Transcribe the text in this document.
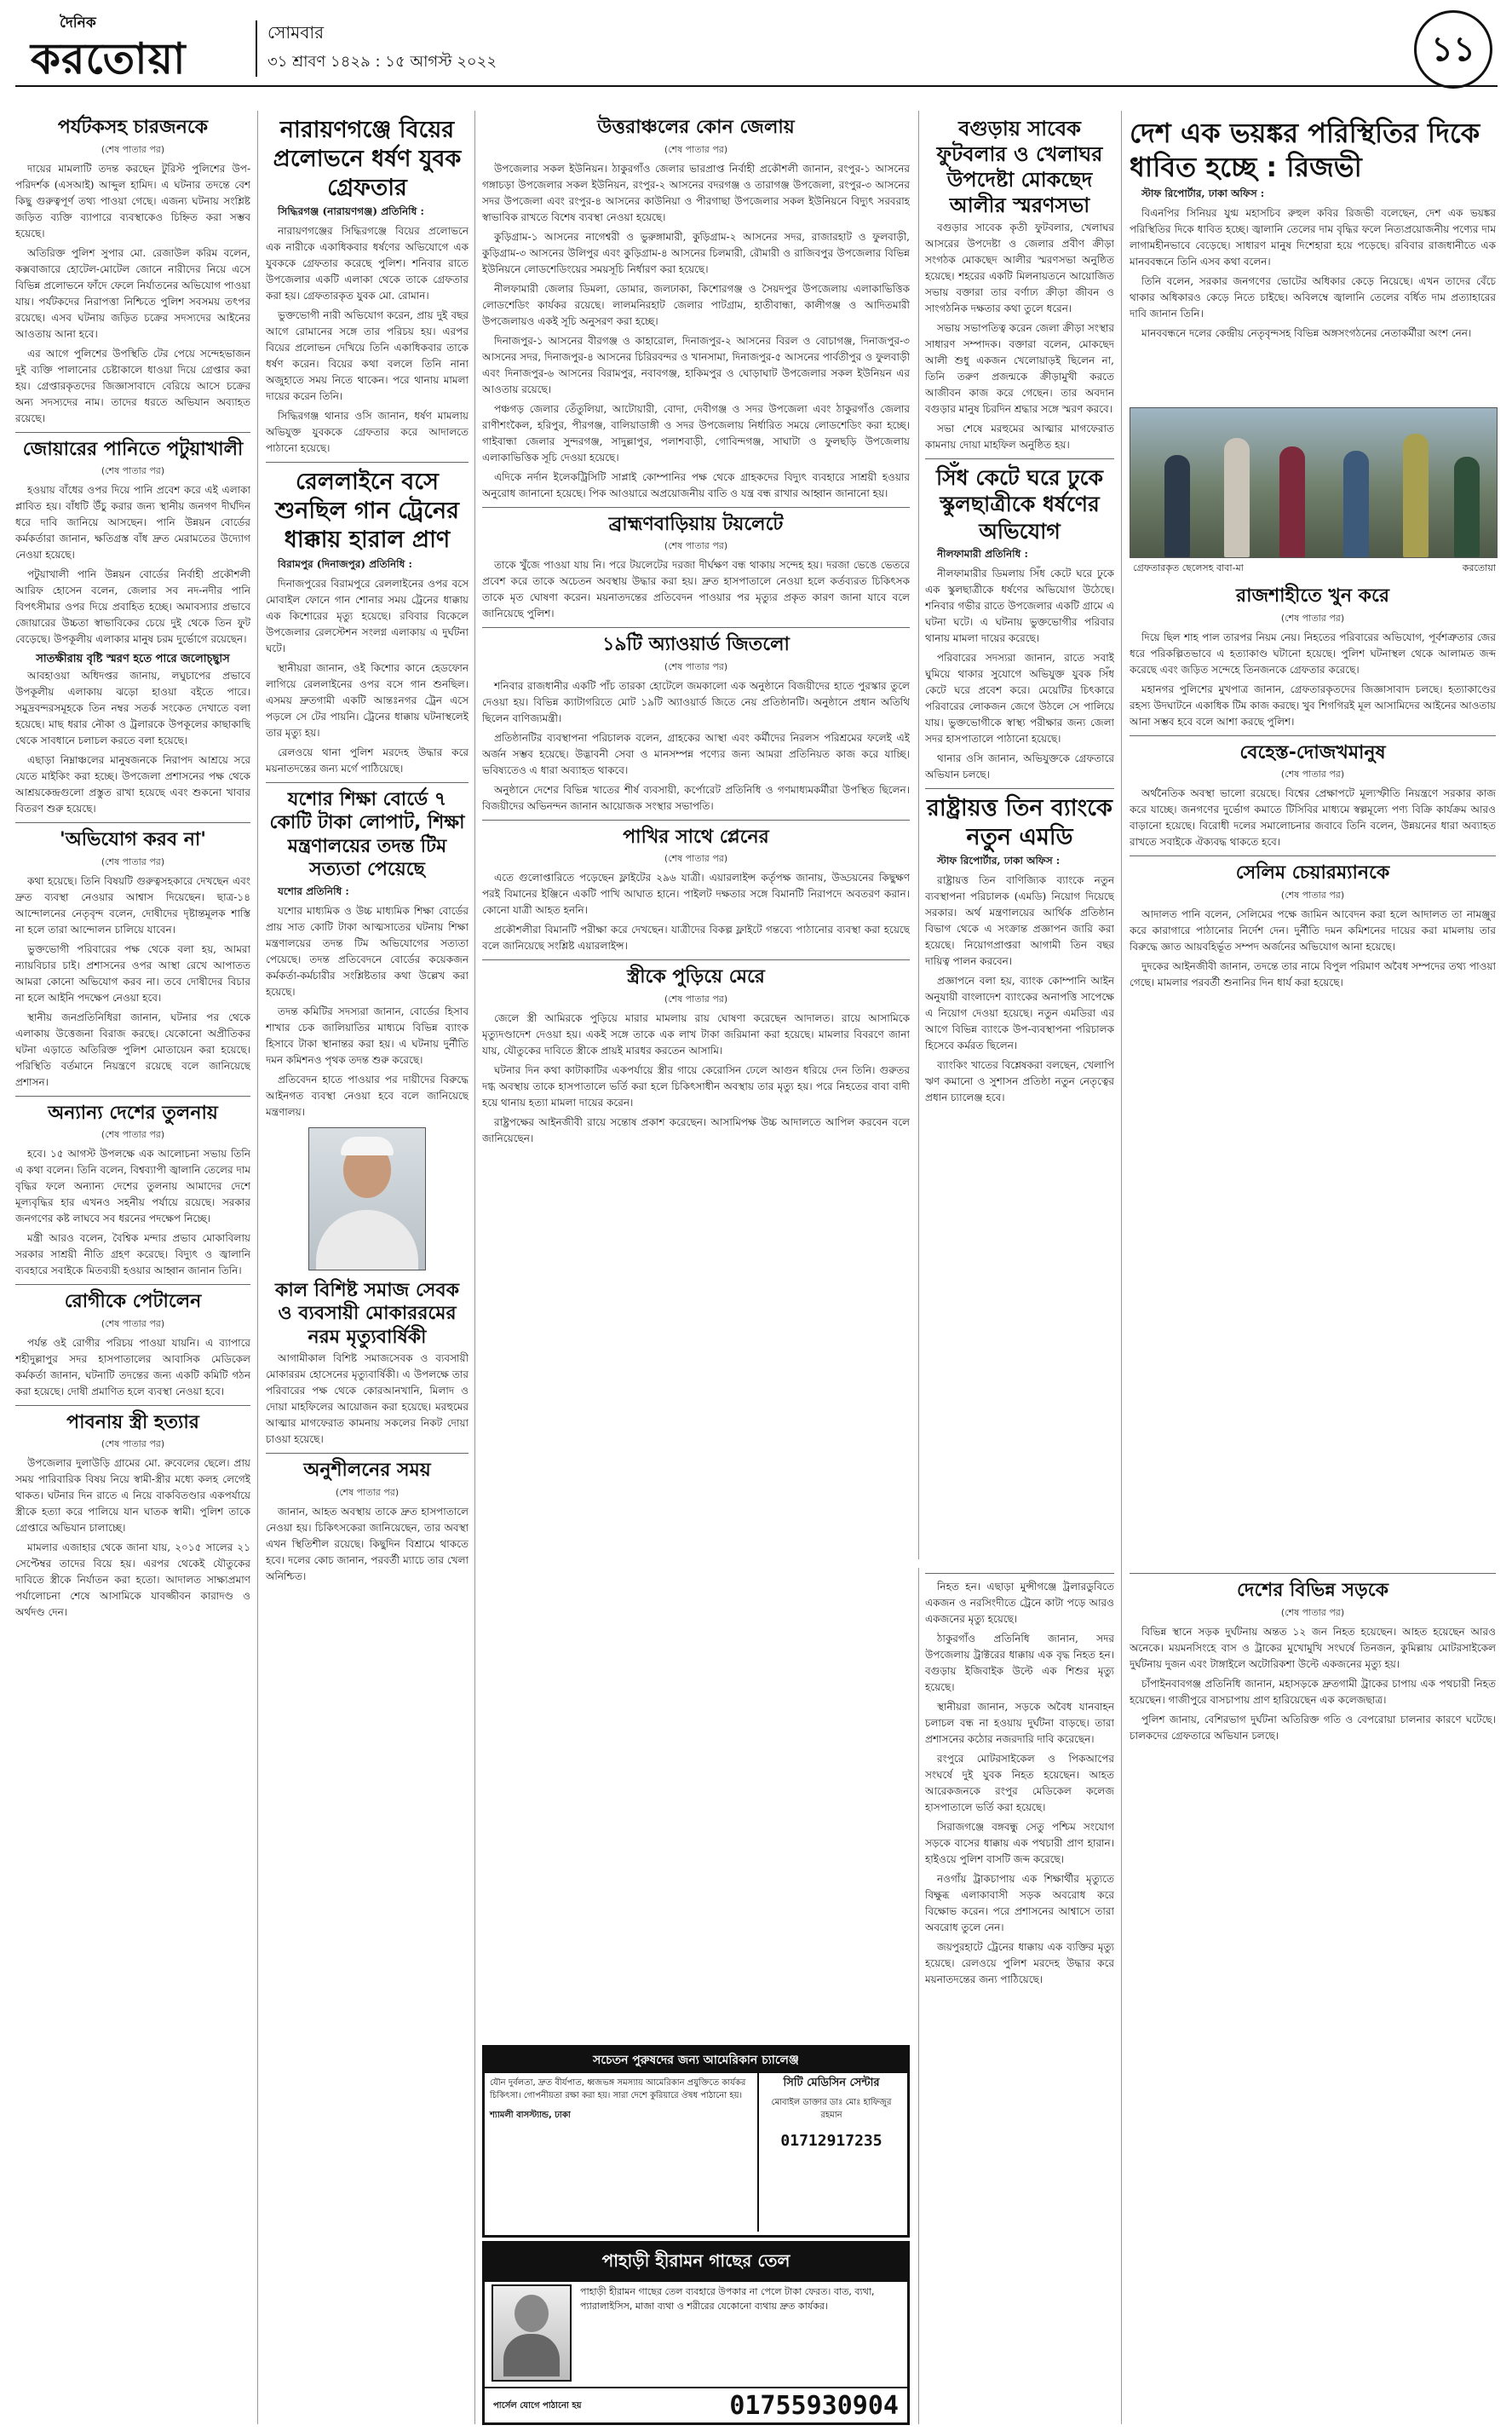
দৈনিক
করতোয়া
সোমবার
৩১ শ্রাবণ ১৪২৯ : ১৫ আগস্ট ২০২২	১১
পর্যটকসহ চারজনকে
(শেষ পাতার পর)

দায়ের মামলাটি তদন্ত করছেন টুরিস্ট পুলিশের উপ-পরিদর্শক (এসআই) আব্দুল হামিদ। এ ঘটনার তদন্তে বেশ কিছু গুরুত্বপূর্ণ তথ্য পাওয়া গেছে। এজন্য ঘটনায় সংশ্লিষ্ট জড়িত ব্যক্তি ব্যাপারে ব্যবস্থাকেও চিহ্নিত করা সম্ভব হয়েছে।

অতিরিক্ত পুলিশ সুপার মো. রেজাউল করিম বলেন, কক্সবাজারে হোটেল-মোটেল জোনে নারীদের নিয়ে এসে বিভিন্ন প্রলোভনে ফাঁদে ফেলে নির্যাতনের অভিযোগ পাওয়া যায়। পর্যটকদের নিরাপত্তা নিশ্চিতে পুলিশ সবসময় তৎপর রয়েছে। এসব ঘটনায় জড়িত চক্রের সদস্যদের আইনের আওতায় আনা হবে।

এর আগে পুলিশের উপস্থিতি টের পেয়ে সন্দেহভাজন দুই ব্যক্তি পালানোর চেষ্টাকালে ধাওয়া দিয়ে গ্রেপ্তার করা হয়। গ্রেপ্তারকৃতদের জিজ্ঞাসাবাদে বেরিয়ে আসে চক্রের অন্য সদস্যদের নাম। তাদের ধরতে অভিযান অব্যাহত রয়েছে।

জোয়ারের পানিতে পটুয়াখালী
(শেষ পাতার পর)

হওয়ায় বাঁধের ওপর দিয়ে পানি প্রবেশ করে এই এলাকা প্লাবিত হয়। বাঁধটি উঁচু করার জন্য স্থানীয় জনগণ দীর্ঘদিন ধরে দাবি জানিয়ে আসছেন। পানি উন্নয়ন বোর্ডের কর্মকর্তারা জানান, ক্ষতিগ্রস্ত বাঁধ দ্রুত মেরামতের উদ্যোগ নেওয়া হয়েছে।

পটুয়াখালী পানি উন্নয়ন বোর্ডের নির্বাহী প্রকৌশলী আরিফ হোসেন বলেন, জেলার সব নদ-নদীর পানি বিপৎসীমার ওপর দিয়ে প্রবাহিত হচ্ছে। অমাবস্যার প্রভাবে জোয়ারের উচ্চতা স্বাভাবিকের চেয়ে দুই থেকে তিন ফুট বেড়েছে। উপকূলীয় এলাকার মানুষ চরম দুর্ভোগে রয়েছেন।

সাতক্ষীরায় বৃষ্টি স্মরণ হতে পারে জলোচ্ছ্বাস

আবহাওয়া অধিদপ্তর জানায়, লঘুচাপের প্রভাবে উপকূলীয় এলাকায় ঝড়ো হাওয়া বইতে পারে। সমুদ্রবন্দরসমূহকে তিন নম্বর সতর্ক সংকেত দেখাতে বলা হয়েছে। মাছ ধরার নৌকা ও ট্রলারকে উপকূলের কাছাকাছি থেকে সাবধানে চলাচল করতে বলা হয়েছে।

এছাড়া নিম্নাঞ্চলের মানুষজনকে নিরাপদ আশ্রয়ে সরে যেতে মাইকিং করা হচ্ছে। উপজেলা প্রশাসনের পক্ষ থেকে আশ্রয়কেন্দ্রগুলো প্রস্তুত রাখা হয়েছে এবং শুকনো খাবার বিতরণ শুরু হয়েছে।

'অভিযোগ করব না'
(শেষ পাতার পর)

কথা হয়েছে। তিনি বিষয়টি গুরুত্বসহকারে দেখছেন এবং দ্রুত ব্যবস্থা নেওয়ার আশ্বাস দিয়েছেন। ছাত্র-১৪ আন্দোলনের নেতৃবৃন্দ বলেন, দোষীদের দৃষ্টান্তমূলক শাস্তি না হলে তারা আন্দোলন চালিয়ে যাবেন।

ভুক্তভোগী পরিবারের পক্ষ থেকে বলা হয়, আমরা ন্যায়বিচার চাই। প্রশাসনের ওপর আস্থা রেখে আপাতত আমরা কোনো অভিযোগ করব না। তবে দোষীদের বিচার না হলে আইনি পদক্ষেপ নেওয়া হবে।

স্থানীয় জনপ্রতিনিধিরা জানান, ঘটনার পর থেকে এলাকায় উত্তেজনা বিরাজ করছে। যেকোনো অপ্রীতিকর ঘটনা এড়াতে অতিরিক্ত পুলিশ মোতায়েন করা হয়েছে। পরিস্থিতি বর্তমানে নিয়ন্ত্রণে রয়েছে বলে জানিয়েছে প্রশাসন।

অন্যান্য দেশের তুলনায়
(শেষ পাতার পর)

হবে। ১৫ আগস্ট উপলক্ষে এক আলোচনা সভায় তিনি এ কথা বলেন। তিনি বলেন, বিশ্বব্যাপী জ্বালানি তেলের দাম বৃদ্ধির ফলে অন্যান্য দেশের তুলনায় আমাদের দেশে মূল্যবৃদ্ধির হার এখনও সহনীয় পর্যায়ে রয়েছে। সরকার জনগণের কষ্ট লাঘবে সব ধরনের পদক্ষেপ নিচ্ছে।

মন্ত্রী আরও বলেন, বৈশ্বিক মন্দার প্রভাব মোকাবিলায় সরকার সাশ্রয়ী নীতি গ্রহণ করেছে। বিদ্যুৎ ও জ্বালানি ব্যবহারে সবাইকে মিতব্যয়ী হওয়ার আহ্বান জানান তিনি।

রোগীকে পেটালেন
(শেষ পাতার পর)

পর্যন্ত ওই রোগীর পরিচয় পাওয়া যায়নি। এ ব্যাপারে শহীদুল্লাপুর সদর হাসপাতালের আবাসিক মেডিকেল কর্মকর্তা জানান, ঘটনাটি তদন্তের জন্য একটি কমিটি গঠন করা হয়েছে। দোষী প্রমাণিত হলে ব্যবস্থা নেওয়া হবে।

পাবনায় স্ত্রী হত্যার
(শেষ পাতার পর)

উপজেলার দুলাউড়ি গ্রামের মো. রুবেলের ছেলে। প্রায় সময় পারিবারিক বিষয় নিয়ে স্বামী-স্ত্রীর মধ্যে কলহ লেগেই থাকত। ঘটনার দিন রাতে এ নিয়ে বাকবিতণ্ডার একপর্যায়ে স্ত্রীকে হত্যা করে পালিয়ে যান ঘাতক স্বামী। পুলিশ তাকে গ্রেপ্তারে অভিযান চালাচ্ছে।

মামলার এজাহার থেকে জানা যায়, ২০১৫ সালের ২১ সেপ্টেম্বর তাদের বিয়ে হয়। এরপর থেকেই যৌতুকের দাবিতে স্ত্রীকে নির্যাতন করা হতো। আদালত সাক্ষ্যপ্রমাণ পর্যালোচনা শেষে আসামিকে যাবজ্জীবন কারাদণ্ড ও অর্থদণ্ড দেন।

নারায়ণগঞ্জে বিয়ের প্রলোভনে ধর্ষণ যুবক গ্রেফতার

সিদ্ধিরগঞ্জ (নারায়ণগঞ্জ) প্রতিনিধি :

নারায়ণগঞ্জের সিদ্ধিরগঞ্জে বিয়ের প্রলোভনে এক নারীকে একাধিকবার ধর্ষণের অভিযোগে এক যুবককে গ্রেফতার করেছে পুলিশ। শনিবার রাতে উপজেলার একটি এলাকা থেকে তাকে গ্রেফতার করা হয়। গ্রেফতারকৃত যুবক মো. রোমান।

ভুক্তভোগী নারী অভিযোগ করেন, প্রায় দুই বছর আগে রোমানের সঙ্গে তার পরিচয় হয়। এরপর বিয়ের প্রলোভন দেখিয়ে তিনি একাধিকবার তাকে ধর্ষণ করেন। বিয়ের কথা বললে তিনি নানা অজুহাতে সময় নিতে থাকেন। পরে থানায় মামলা দায়ের করেন তিনি।

সিদ্ধিরগঞ্জ থানার ওসি জানান, ধর্ষণ মামলায় অভিযুক্ত যুবককে গ্রেফতার করে আদালতে পাঠানো হয়েছে।

রেললাইনে বসে শুনছিল গান ট্রেনের ধাক্কায় হারাল প্রাণ

বিরামপুর (দিনাজপুর) প্রতিনিধি :

দিনাজপুরের বিরামপুরে রেললাইনের ওপর বসে মোবাইল ফোনে গান শোনার সময় ট্রেনের ধাক্কায় এক কিশোরের মৃত্যু হয়েছে। রবিবার বিকেলে উপজেলার রেলস্টেশন সংলগ্ন এলাকায় এ দুর্ঘটনা ঘটে।

স্থানীয়রা জানান, ওই কিশোর কানে হেডফোন লাগিয়ে রেললাইনের ওপর বসে গান শুনছিল। এসময় দ্রুতগামী একটি আন্তঃনগর ট্রেন এসে পড়লে সে টের পায়নি। ট্রেনের ধাক্কায় ঘটনাস্থলেই তার মৃত্যু হয়।

রেলওয়ে থানা পুলিশ মরদেহ উদ্ধার করে ময়নাতদন্তের জন্য মর্গে পাঠিয়েছে।

যশোর শিক্ষা বোর্ডে ৭ কোটি টাকা লোপাট, শিক্ষা মন্ত্রণালয়ের তদন্ত টিম সত্যতা পেয়েছে

যশোর প্রতিনিধি :

যশোর মাধ্যমিক ও উচ্চ মাধ্যমিক শিক্ষা বোর্ডের প্রায় সাত কোটি টাকা আত্মসাতের ঘটনায় শিক্ষা মন্ত্রণালয়ের তদন্ত টিম অভিযোগের সত্যতা পেয়েছে। তদন্ত প্রতিবেদনে বোর্ডের কয়েকজন কর্মকর্তা-কর্মচারীর সংশ্লিষ্টতার কথা উল্লেখ করা হয়েছে।

তদন্ত কমিটির সদস্যরা জানান, বোর্ডের হিসাব শাখার চেক জালিয়াতির মাধ্যমে বিভিন্ন ব্যাংক হিসাবে টাকা স্থানান্তর করা হয়। এ ঘটনায় দুর্নীতি দমন কমিশনও পৃথক তদন্ত শুরু করেছে।

প্রতিবেদন হাতে পাওয়ার পর দায়ীদের বিরুদ্ধে আইনগত ব্যবস্থা নেওয়া হবে বলে জানিয়েছে মন্ত্রণালয়।

কাল বিশিষ্ট সমাজ সেবক ও ব্যবসায়ী মোকাররমের নরম মৃত্যুবার্ষিকী

আগামীকাল বিশিষ্ট সমাজসেবক ও ব্যবসায়ী মোকাররম হোসেনের মৃত্যুবার্ষিকী। এ উপলক্ষে তার পরিবারের পক্ষ থেকে কোরআনখানি, মিলাদ ও দোয়া মাহফিলের আয়োজন করা হয়েছে। মরহুমের আত্মার মাগফেরাত কামনায় সকলের নিকট দোয়া চাওয়া হয়েছে।

অনুশীলনের সময়
(শেষ পাতার পর)

জানান, আহত অবস্থায় তাকে দ্রুত হাসপাতালে নেওয়া হয়। চিকিৎসকেরা জানিয়েছেন, তার অবস্থা এখন স্থিতিশীল রয়েছে। কিছুদিন বিশ্রামে থাকতে হবে। দলের কোচ জানান, পরবর্তী ম্যাচে তার খেলা অনিশ্চিত।

উত্তরাঞ্চলের কোন জেলায়
(শেষ পাতার পর)

উপজেলার সকল ইউনিয়ন। ঠাকুরগাঁও জেলার ভারপ্রাপ্ত নির্বাহী প্রকৌশলী জানান, রংপুর-১ আসনের গঙ্গাচড়া উপজেলার সকল ইউনিয়ন, রংপুর-২ আসনের বদরগঞ্জ ও তারাগঞ্জ উপজেলা, রংপুর-৩ আসনের সদর উপজেলা এবং রংপুর-৪ আসনের কাউনিয়া ও পীরগাছা উপজেলার সকল ইউনিয়নে বিদ্যুৎ সরবরাহ স্বাভাবিক রাখতে বিশেষ ব্যবস্থা নেওয়া হয়েছে।

কুড়িগ্রাম-১ আসনের নাগেশ্বরী ও ভুরুঙ্গামারী, কুড়িগ্রাম-২ আসনের সদর, রাজারহাট ও ফুলবাড়ী, কুড়িগ্রাম-৩ আসনের উলিপুর এবং কুড়িগ্রাম-৪ আসনের চিলমারী, রৌমারী ও রাজিবপুর উপজেলার বিভিন্ন ইউনিয়নে লোডশেডিংয়ের সময়সূচি নির্ধারণ করা হয়েছে।

নীলফামারী জেলার ডিমলা, ডোমার, জলঢাকা, কিশোরগঞ্জ ও সৈয়দপুর উপজেলায় এলাকাভিত্তিক লোডশেডিং কার্যকর রয়েছে। লালমনিরহাট জেলার পাটগ্রাম, হাতীবান্ধা, কালীগঞ্জ ও আদিতমারী উপজেলায়ও একই সূচি অনুসরণ করা হচ্ছে।

দিনাজপুর-১ আসনের বীরগঞ্জ ও কাহারোল, দিনাজপুর-২ আসনের বিরল ও বোচাগঞ্জ, দিনাজপুর-৩ আসনের সদর, দিনাজপুর-৪ আসনের চিরিরবন্দর ও খানসামা, দিনাজপুর-৫ আসনের পার্বতীপুর ও ফুলবাড়ী এবং দিনাজপুর-৬ আসনের বিরামপুর, নবাবগঞ্জ, হাকিমপুর ও ঘোড়াঘাট উপজেলার সকল ইউনিয়ন এর আওতায় রয়েছে।

পঞ্চগড় জেলার তেঁতুলিয়া, আটোয়ারী, বোদা, দেবীগঞ্জ ও সদর উপজেলা এবং ঠাকুরগাঁও জেলার রাণীশংকৈল, হরিপুর, পীরগঞ্জ, বালিয়াডাঙ্গী ও সদর উপজেলায় নির্ধারিত সময়ে লোডশেডিং করা হচ্ছে। গাইবান্ধা জেলার সুন্দরগঞ্জ, সাদুল্লাপুর, পলাশবাড়ী, গোবিন্দগঞ্জ, সাঘাটা ও ফুলছড়ি উপজেলায় এলাকাভিত্তিক সূচি দেওয়া হয়েছে।

এদিকে নর্দান ইলেকট্রিসিটি সাপ্লাই কোম্পানির পক্ষ থেকে গ্রাহকদের বিদ্যুৎ ব্যবহারে সাশ্রয়ী হওয়ার অনুরোধ জানানো হয়েছে। পিক আওয়ারে অপ্রয়োজনীয় বাতি ও যন্ত্র বন্ধ রাখার আহ্বান জানানো হয়।

ব্রাহ্মণবাড়িয়ায় টয়লেটে
(শেষ পাতার পর)

তাকে খুঁজে পাওয়া যায় নি। পরে টয়লেটের দরজা দীর্ঘক্ষণ বন্ধ থাকায় সন্দেহ হয়। দরজা ভেঙে ভেতরে প্রবেশ করে তাকে অচেতন অবস্থায় উদ্ধার করা হয়। দ্রুত হাসপাতালে নেওয়া হলে কর্তব্যরত চিকিৎসক তাকে মৃত ঘোষণা করেন। ময়নাতদন্তের প্রতিবেদন পাওয়ার পর মৃত্যুর প্রকৃত কারণ জানা যাবে বলে জানিয়েছে পুলিশ।

১৯টি অ্যাওয়ার্ড জিতলো
(শেষ পাতার পর)

শনিবার রাজধানীর একটি পাঁচ তারকা হোটেলে জমকালো এক অনুষ্ঠানে বিজয়ীদের হাতে পুরস্কার তুলে দেওয়া হয়। বিভিন্ন ক্যাটাগরিতে মোট ১৯টি অ্যাওয়ার্ড জিতে নেয় প্রতিষ্ঠানটি। অনুষ্ঠানে প্রধান অতিথি ছিলেন বাণিজ্যমন্ত্রী।

প্রতিষ্ঠানটির ব্যবস্থাপনা পরিচালক বলেন, গ্রাহকের আস্থা এবং কর্মীদের নিরলস পরিশ্রমের ফলেই এই অর্জন সম্ভব হয়েছে। উদ্ভাবনী সেবা ও মানসম্পন্ন পণ্যের জন্য আমরা প্রতিনিয়ত কাজ করে যাচ্ছি। ভবিষ্যতেও এ ধারা অব্যাহত থাকবে।

অনুষ্ঠানে দেশের বিভিন্ন খাতের শীর্ষ ব্যবসায়ী, কর্পোরেট প্রতিনিধি ও গণমাধ্যমকর্মীরা উপস্থিত ছিলেন। বিজয়ীদের অভিনন্দন জানান আয়োজক সংস্থার সভাপতি।

পাখির সাথে প্লেনের
(শেষ পাতার পর)

এতে গুলোপ্তারিতে পড়েছেন ফ্লাইটের ২৯৬ যাত্রী। এয়ারলাইন্স কর্তৃপক্ষ জানায়, উড্ডয়নের কিছুক্ষণ পরই বিমানের ইঞ্জিনে একটি পাখি আঘাত হানে। পাইলট দক্ষতার সঙ্গে বিমানটি নিরাপদে অবতরণ করান। কোনো যাত্রী আহত হননি।

প্রকৌশলীরা বিমানটি পরীক্ষা করে দেখছেন। যাত্রীদের বিকল্প ফ্লাইটে গন্তব্যে পাঠানোর ব্যবস্থা করা হয়েছে বলে জানিয়েছে সংশ্লিষ্ট এয়ারলাইন্স।

স্ত্রীকে পুড়িয়ে মেরে
(শেষ পাতার পর)

জেলে স্ত্রী আমিরকে পুড়িয়ে মারার মামলায় রায় ঘোষণা করেছেন আদালত। রায়ে আসামিকে মৃত্যুদণ্ডাদেশ দেওয়া হয়। একই সঙ্গে তাকে এক লাখ টাকা জরিমানা করা হয়েছে। মামলার বিবরণে জানা যায়, যৌতুকের দাবিতে স্ত্রীকে প্রায়ই মারধর করতেন আসামি।

ঘটনার দিন কথা কাটাকাটির একপর্যায়ে স্ত্রীর গায়ে কেরোসিন ঢেলে আগুন ধরিয়ে দেন তিনি। গুরুতর দগ্ধ অবস্থায় তাকে হাসপাতালে ভর্তি করা হলে চিকিৎসাধীন অবস্থায় তার মৃত্যু হয়। পরে নিহতের বাবা বাদী হয়ে থানায় হত্যা মামলা দায়ের করেন।

রাষ্ট্রপক্ষের আইনজীবী রায়ে সন্তোষ প্রকাশ করেছেন। আসামিপক্ষ উচ্চ আদালতে আপিল করবেন বলে জানিয়েছেন।

সচেতন পুরুষদের জন্য আমেরিকান চ্যালেঞ্জ
যৌন দুর্বলতা, দ্রুত বীর্যপাত, ধ্বজভঙ্গ সমস্যায় আমেরিকান প্রযুক্তিতে কার্যকর চিকিৎসা। গোপনীয়তা রক্ষা করা হয়। সারা দেশে কুরিয়ারে ঔষধ পাঠানো হয়।
শ্যামলী বাসস্ট্যান্ড, ঢাকা
সিটি মেডিসিন সেন্টার
মোবাইল ডাক্তার ডাঃ মোঃ হাফিজুর রহমান
01712917235
পাহাড়ী হীরামন গাছের তেল
পাহাড়ী হীরামন গাছের তেল ব্যবহারে উপকার না পেলে টাকা ফেরত। বাত, ব্যথা, প্যারালাইসিস, মাজা ব্যথা ও শরীরের যেকোনো ব্যথায় দ্রুত কার্যকর।
পার্সেল যোগে পাঠানো হয়	01755930904
বগুড়ায় সাবেক ফুটবলার ও খেলাঘর উপদেষ্টা মোকছেদ আলীর স্মরণসভা

বগুড়ার সাবেক কৃতী ফুটবলার, খেলাঘর আসরের উপদেষ্টা ও জেলার প্রবীণ ক্রীড়া সংগঠক মোকছেদ আলীর স্মরণসভা অনুষ্ঠিত হয়েছে। শহরের একটি মিলনায়তনে আয়োজিত সভায় বক্তারা তার বর্ণাঢ্য ক্রীড়া জীবন ও সাংগঠনিক দক্ষতার কথা তুলে ধরেন।

সভায় সভাপতিত্ব করেন জেলা ক্রীড়া সংস্থার সাধারণ সম্পাদক। বক্তারা বলেন, মোকছেদ আলী শুধু একজন খেলোয়াড়ই ছিলেন না, তিনি তরুণ প্রজন্মকে ক্রীড়ামুখী করতে আজীবন কাজ করে গেছেন। তার অবদান বগুড়ার মানুষ চিরদিন শ্রদ্ধার সঙ্গে স্মরণ করবে।

সভা শেষে মরহুমের আত্মার মাগফেরাত কামনায় দোয়া মাহফিল অনুষ্ঠিত হয়।

সিঁধ কেটে ঘরে ঢুকে স্কুলছাত্রীকে ধর্ষণের অভিযোগ

নীলফামারী প্রতিনিধি :

নীলফামারীর ডিমলায় সিঁধ কেটে ঘরে ঢুকে এক স্কুলছাত্রীকে ধর্ষণের অভিযোগ উঠেছে। শনিবার গভীর রাতে উপজেলার একটি গ্রামে এ ঘটনা ঘটে। এ ঘটনায় ভুক্তভোগীর পরিবার থানায় মামলা দায়ের করেছে।

পরিবারের সদস্যরা জানান, রাতে সবাই ঘুমিয়ে থাকার সুযোগে অভিযুক্ত যুবক সিঁধ কেটে ঘরে প্রবেশ করে। মেয়েটির চিৎকারে পরিবারের লোকজন জেগে উঠলে সে পালিয়ে যায়। ভুক্তভোগীকে স্বাস্থ্য পরীক্ষার জন্য জেলা সদর হাসপাতালে পাঠানো হয়েছে।

থানার ওসি জানান, অভিযুক্তকে গ্রেফতারে অভিযান চলছে।

রাষ্ট্রায়ত্ত তিন ব্যাংকে নতুন এমডি

স্টাফ রিপোর্টার, ঢাকা অফিস :

রাষ্ট্রায়ত্ত তিন বাণিজ্যিক ব্যাংকে নতুন ব্যবস্থাপনা পরিচালক (এমডি) নিয়োগ দিয়েছে সরকার। অর্থ মন্ত্রণালয়ের আর্থিক প্রতিষ্ঠান বিভাগ থেকে এ সংক্রান্ত প্রজ্ঞাপন জারি করা হয়েছে। নিয়োগপ্রাপ্তরা আগামী তিন বছর দায়িত্ব পালন করবেন।

প্রজ্ঞাপনে বলা হয়, ব্যাংক কোম্পানি আইন অনুযায়ী বাংলাদেশ ব্যাংকের অনাপত্তি সাপেক্ষে এ নিয়োগ দেওয়া হয়েছে। নতুন এমডিরা এর আগে বিভিন্ন ব্যাংকে উপ-ব্যবস্থাপনা পরিচালক হিসেবে কর্মরত ছিলেন।

ব্যাংকিং খাতের বিশ্লেষকরা বলছেন, খেলাপি ঋণ কমানো ও সুশাসন প্রতিষ্ঠা নতুন নেতৃত্বের প্রধান চ্যালেঞ্জ হবে।

দেশ এক ভয়ঙ্কর পরিস্থিতির দিকে ধাবিত হচ্ছে : রিজভী

স্টাফ রিপোর্টার, ঢাকা অফিস :

বিএনপির সিনিয়র যুগ্ম মহাসচিব রুহুল কবির রিজভী বলেছেন, দেশ এক ভয়ঙ্কর পরিস্থিতির দিকে ধাবিত হচ্ছে। জ্বালানি তেলের দাম বৃদ্ধির ফলে নিত্যপ্রয়োজনীয় পণ্যের দাম লাগামহীনভাবে বেড়েছে। সাধারণ মানুষ দিশেহারা হয়ে পড়েছে। রবিবার রাজধানীতে এক মানববন্ধনে তিনি এসব কথা বলেন।

তিনি বলেন, সরকার জনগণের ভোটের অধিকার কেড়ে নিয়েছে। এখন তাদের বেঁচে থাকার অধিকারও কেড়ে নিতে চাইছে। অবিলম্বে জ্বালানি তেলের বর্ধিত দাম প্রত্যাহারের দাবি জানান তিনি।

মানববন্ধনে দলের কেন্দ্রীয় নেতৃবৃন্দসহ বিভিন্ন অঙ্গসংগঠনের নেতাকর্মীরা অংশ নেন।

গ্রেফতারকৃত ছেলেসহ বাবা-মা	করতোয়া
রাজশাহীতে খুন করে
(শেষ পাতার পর)

দিয়ে ছিল শাহ পাল তারপর নিয়ম নেয়। নিহতের পরিবারের অভিযোগ, পূর্বশত্রুতার জের ধরে পরিকল্পিতভাবে এ হত্যাকাণ্ড ঘটানো হয়েছে। পুলিশ ঘটনাস্থল থেকে আলামত জব্দ করেছে এবং জড়িত সন্দেহে তিনজনকে গ্রেফতার করেছে।

মহানগর পুলিশের মুখপাত্র জানান, গ্রেফতারকৃতদের জিজ্ঞাসাবাদ চলছে। হত্যাকাণ্ডের রহস্য উদঘাটনে একাধিক টিম কাজ করছে। খুব শিগগিরই মূল আসামিদের আইনের আওতায় আনা সম্ভব হবে বলে আশা করছে পুলিশ।

বেহেস্ত-দোজখমানুষ
(শেষ পাতার পর)

অর্থনৈতিক অবস্থা ভালো রয়েছে। বিশ্বের প্রেক্ষাপটে মূল্যস্ফীতি নিয়ন্ত্রণে সরকার কাজ করে যাচ্ছে। জনগণের দুর্ভোগ কমাতে টিসিবির মাধ্যমে স্বল্পমূল্যে পণ্য বিক্রি কার্যক্রম আরও বাড়ানো হয়েছে। বিরোধী দলের সমালোচনার জবাবে তিনি বলেন, উন্নয়নের ধারা অব্যাহত রাখতে সবাইকে ঐক্যবদ্ধ থাকতে হবে।

সেলিম চেয়ারম্যানকে
(শেষ পাতার পর)

আদালত পানি বলেন, সেলিমের পক্ষে জামিন আবেদন করা হলে আদালত তা নামঞ্জুর করে কারাগারে পাঠানোর নির্দেশ দেন। দুর্নীতি দমন কমিশনের দায়ের করা মামলায় তার বিরুদ্ধে জ্ঞাত আয়বহির্ভূত সম্পদ অর্জনের অভিযোগ আনা হয়েছে।

দুদকের আইনজীবী জানান, তদন্তে তার নামে বিপুল পরিমাণ অবৈধ সম্পদের তথ্য পাওয়া গেছে। মামলার পরবর্তী শুনানির দিন ধার্য করা হয়েছে।

নিহত হন। এছাড়া মুন্সীগঞ্জে ট্রলারডুবিতে একজন ও নরসিংদীতে ট্রেনে কাটা পড়ে আরও একজনের মৃত্যু হয়েছে।

ঠাকুরগাঁও প্রতিনিধি জানান, সদর উপজেলায় ট্রাক্টরের ধাক্কায় এক বৃদ্ধ নিহত হন। বগুড়ায় ইজিবাইক উল্টে এক শিশুর মৃত্যু হয়েছে।

স্থানীয়রা জানান, সড়কে অবৈধ যানবাহন চলাচল বন্ধ না হওয়ায় দুর্ঘটনা বাড়ছে। তারা প্রশাসনের কঠোর নজরদারি দাবি করেছেন।

রংপুরে মোটরসাইকেল ও পিকআপের সংঘর্ষে দুই যুবক নিহত হয়েছেন। আহত আরেকজনকে রংপুর মেডিকেল কলেজ হাসপাতালে ভর্তি করা হয়েছে।

সিরাজগঞ্জে বঙ্গবন্ধু সেতু পশ্চিম সংযোগ সড়কে বাসের ধাক্কায় এক পথচারী প্রাণ হারান। হাইওয়ে পুলিশ বাসটি জব্দ করেছে।

নওগাঁয় ট্রাকচাপায় এক শিক্ষার্থীর মৃত্যুতে বিক্ষুব্ধ এলাকাবাসী সড়ক অবরোধ করে বিক্ষোভ করেন। পরে প্রশাসনের আশ্বাসে তারা অবরোধ তুলে নেন।

জয়পুরহাটে ট্রেনের ধাক্কায় এক ব্যক্তির মৃত্যু হয়েছে। রেলওয়ে পুলিশ মরদেহ উদ্ধার করে ময়নাতদন্তের জন্য পাঠিয়েছে।

দেশের বিভিন্ন সড়কে
(শেষ পাতার পর)

বিভিন্ন স্থানে সড়ক দুর্ঘটনায় অন্তত ১২ জন নিহত হয়েছেন। আহত হয়েছেন আরও অনেকে। ময়মনসিংহে বাস ও ট্রাকের মুখোমুখি সংঘর্ষে তিনজন, কুমিল্লায় মোটরসাইকেল দুর্ঘটনায় দুজন এবং টাঙ্গাইলে অটোরিকশা উল্টে একজনের মৃত্যু হয়।

চাঁপাইনবাবগঞ্জ প্রতিনিধি জানান, মহাসড়কে দ্রুতগামী ট্রাকের চাপায় এক পথচারী নিহত হয়েছেন। গাজীপুরে বাসচাপায় প্রাণ হারিয়েছেন এক কলেজছাত্র।

পুলিশ জানায়, বেশিরভাগ দুর্ঘটনা অতিরিক্ত গতি ও বেপরোয়া চালনার কারণে ঘটেছে। চালকদের গ্রেফতারে অভিযান চলছে।
